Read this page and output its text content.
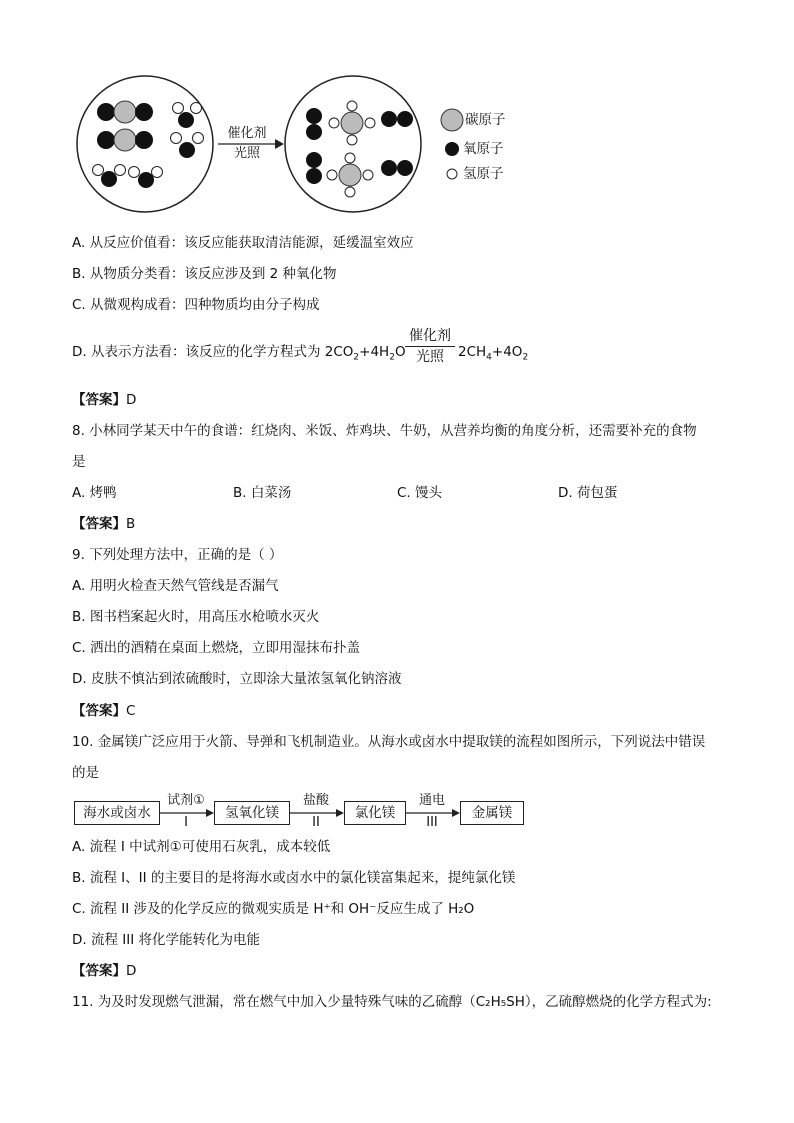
催化剂
光照
碳原子
氧原子
氢原子
A. 从反应价值看：该反应能获取清洁能源，延缓温室效应
B. 从物质分类看：该反应涉及到 2 种氧化物
C. 从微观构成看：四种物质均由分子构成
D. 从表示方法看：该反应的化学方程式为 $2CO_2+4H_2O$
催化剂
光照	$2CH_4+4O_2$
【答案】D
8. 小林同学某天中午的食谱：红烧肉、米饭、炸鸡块、牛奶，从营养均衡的角度分析，还需要补充的食物
是
A. 烤鸭	B. 白菜汤	C. 馒头	D. 荷包蛋
【答案】B
9. 下列处理方法中，正确的是（ ）
A. 用明火检查天然气管线是否漏气
B. 图书档案起火时，用高压水枪喷水灭火
C. 洒出的酒精在桌面上燃烧，立即用湿抹布扑盖
D. 皮肤不慎沾到浓硫酸时，立即涂大量浓氢氧化钠溶液
【答案】C
10. 金属镁广泛应用于火箭、导弹和飞机制造业。从海水或卤水中提取镁的流程如图所示，下列说法中错误
的是
海水或卤水
试剂①
I
氢氧化镁
盐酸
II
氯化镁
通电
III
金属镁
A. 流程 I 中试剂①可使用石灰乳，成本较低
B. 流程 I、II 的主要目的是将海水或卤水中的氯化镁富集起来，提纯氯化镁
C. 流程 II 涉及的化学反应的微观实质是 H⁺和 OH⁻反应生成了 H₂O
D. 流程 III 将化学能转化为电能
【答案】D
11. 为及时发现燃气泄漏，常在燃气中加入少量特殊气味的乙硫醇（C₂H₅SH），乙硫醇燃烧的化学方程式为:
